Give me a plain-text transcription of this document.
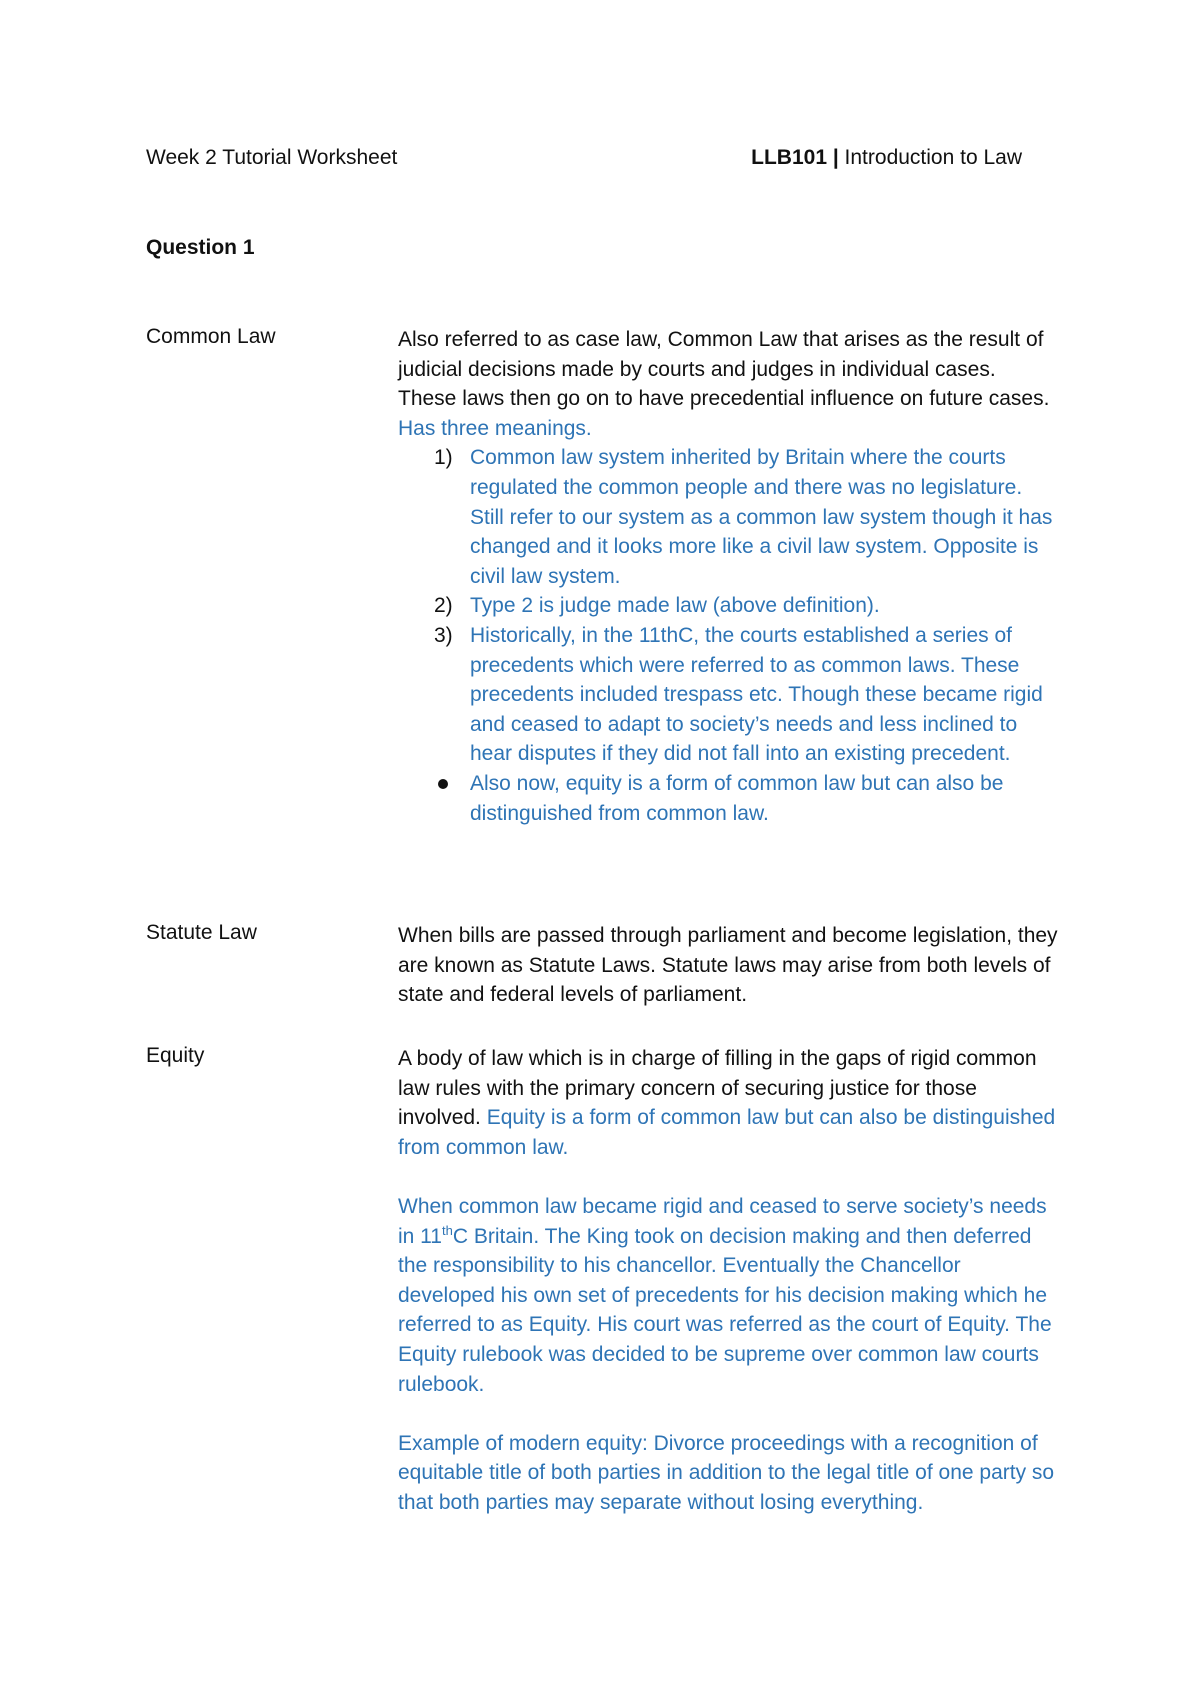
Week 2 Tutorial Worksheet	LLB101 | Introduction to Law
Question 1
Common Law	Also referred to as case law, Common Law that arises as the result of judicial decisions made by courts and judges in individual cases. These laws then go on to have precedential influence on future cases.
Has three meanings.
1) Common law system inherited by Britain where the courts regulated the common people and there was no legislature. Still refer to our system as a common law system though it has changed and it looks more like a civil law system. Opposite is civil law system.
2) Type 2 is judge made law (above definition).
3) Historically, in the 11thC, the courts established a series of precedents which were referred to as common laws. These precedents included trespass etc. Though these became rigid and ceased to adapt to society’s needs and less inclined to hear disputes if they did not fall into an existing precedent.
Also now, equity is a form of common law but can also be distinguished from common law.
Statute Law	When bills are passed through parliament and become legislation, they are known as Statute Laws. Statute laws may arise from both levels of state and federal levels of parliament.
Equity	A body of law which is in charge of filling in the gaps of rigid common law rules with the primary concern of securing justice for those involved. Equity is a form of common law but can also be distinguished from common law.
When common law became rigid and ceased to serve society’s needs in 11thC Britain. The King took on decision making and then deferred the responsibility to his chancellor. Eventually the Chancellor developed his own set of precedents for his decision making which he referred to as Equity. His court was referred as the court of Equity. The Equity rulebook was decided to be supreme over common law courts rulebook.
Example of modern equity: Divorce proceedings with a recognition of equitable title of both parties in addition to the legal title of one party so that both parties may separate without losing everything.
